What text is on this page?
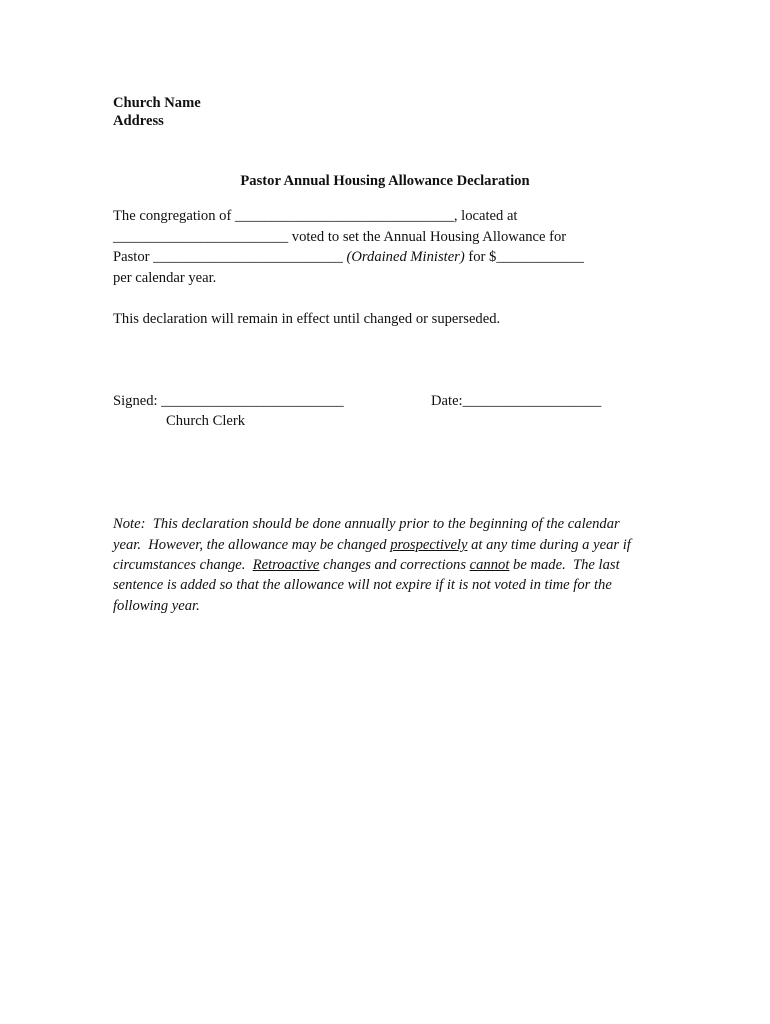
Church Name
Address
Pastor Annual Housing Allowance Declaration
The congregation of ______________________________, located at
________________________ voted to set the Annual Housing Allowance for
Pastor __________________________ (Ordained Minister) for $____________
per calendar year.
This declaration will remain in effect until changed or superseded.
Signed: _________________________	Date:___________________
Church Clerk
Note:  This declaration should be done annually prior to the beginning of the calendar
year.  However, the allowance may be changed prospectively at any time during a year if
circumstances change.  Retroactive changes and corrections cannot be made.  The last
sentence is added so that the allowance will not expire if it is not voted in time for the
following year.
